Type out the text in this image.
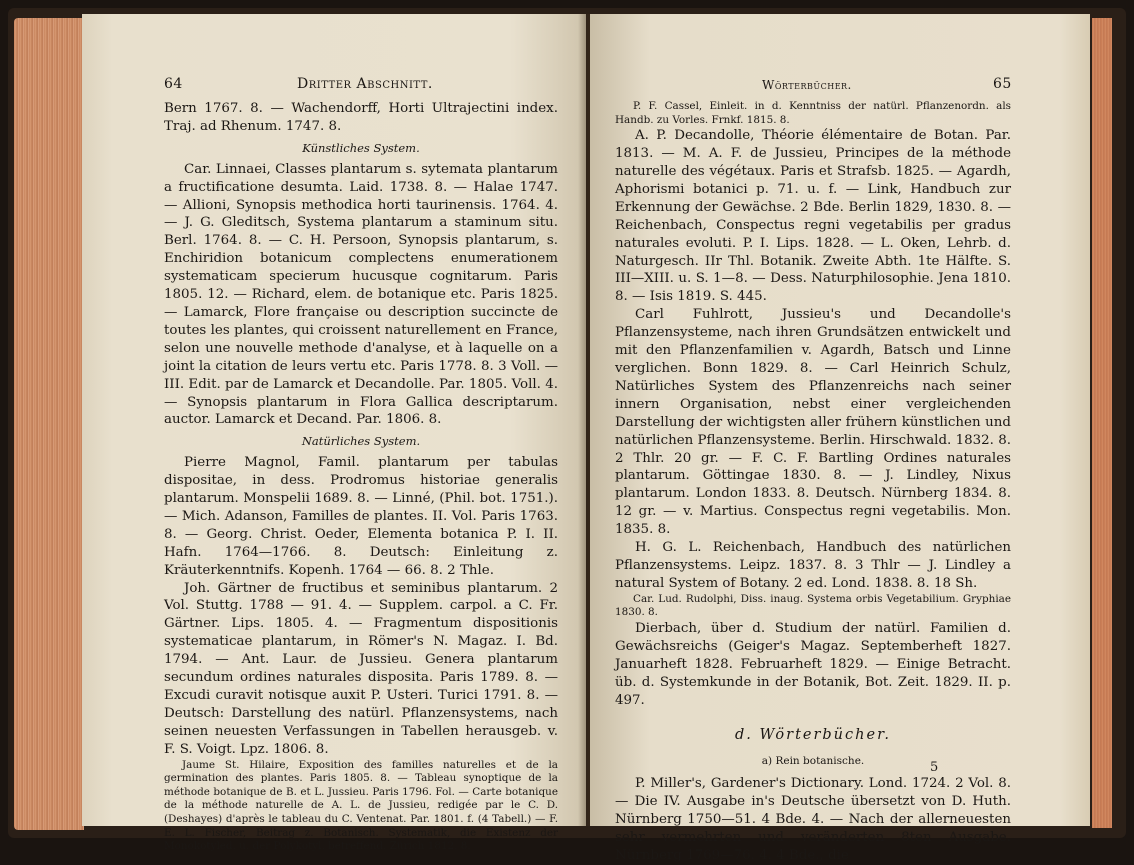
64	Dritter Abschnitt.

Bern 1767. 8. — Wachendorff, Horti Ultrajectini index. Traj. ad Rhenum. 1747. 8.

Künstliches System.

Car. Linnaei, Classes plantarum s. sytemata plantarum a fructificatione desumta. Laid. 1738. 8. — Halae 1747. — Allioni, Synopsis methodica horti taurinensis. 1764. 4. — J. G. Gleditsch, Systema plantarum a staminum situ. Berl. 1764. 8. — C. H. Persoon, Synopsis plantarum, s. Enchiridion botanicum complectens enumerationem systematicam specierum hucusque cognitarum. Paris 1805. 12. — Richard, elem. de botanique etc. Paris 1825. — Lamarck, Flore française ou description succincte de toutes les plantes, qui croissent naturellement en France, selon une nouvelle methode d'analyse, et à laquelle on a joint la citation de leurs vertu etc. Paris 1778. 8. 3 Voll. — III. Edit. par de Lamarck et Decandolle. Par. 1805. Voll. 4. — Synopsis plantarum in Flora Gallica descriptarum. auctor. Lamarck et Decand. Par. 1806. 8.

Natürliches System.

Pierre Magnol, Famil. plantarum per tabulas dispositae, in dess. Prodromus historiae generalis plantarum. Monspelii 1689. 8. — Linné, (Phil. bot. 1751.). — Mich. Adanson, Familles de plantes. II. Vol. Paris 1763. 8. — Georg. Christ. Oeder, Elementa botanica P. I. II. Hafn. 1764—1766. 8. Deutsch: Einleitung z. Kräuterkenntnifs. Kopenh. 1764 — 66. 8. 2 Thle.

Joh. Gärtner de fructibus et seminibus plantarum. 2 Vol. Stuttg. 1788 — 91. 4. — Supplem. carpol. a C. Fr. Gärtner. Lips. 1805. 4. — Fragmentum dispositionis systematicae plantarum, in Römer's N. Magaz. I. Bd. 1794. — Ant. Laur. de Jussieu. Genera plantarum secundum ordines naturales disposita. Paris 1789. 8. — Excudi curavit notisque auxit P. Usteri. Turici 1791. 8. — Deutsch: Darstellung des natürl. Pflanzensystems, nach seinen neuesten Verfassungen in Tabellen herausgeb. v. F. S. Voigt. Lpz. 1806. 8.

Jaume St. Hilaire, Exposition des familles naturelles et de la germination des plantes. Paris 1805. 8. — Tableau synoptique de la méthode botanique de B. et L. Jussieu. Paris 1796. Fol. — Carte botanique de la méthode naturelle de A. L. de Jussieu, redigée par le C. D. (Deshayes) d'après le tableau du C. Ventenat. Par. 1801. f. (4 Tabell.) — F. E. L. Fischer, Beitrag z. Botanisch. Systematik, die Existenz der Monokotyled. u. der Polykotyl. betreffend. Zürich 1812. 8.

Wörterbücher.	65

P. F. Cassel, Einleit. in d. Kenntniss der natürl. Pflanzenordn. als Handb. zu Vorles. Frnkf. 1815. 8.

A. P. Decandolle, Théorie élémentaire de Botan. Par. 1813. — M. A. F. de Jussieu, Principes de la méthode naturelle des végétaux. Paris et Strafsb. 1825. — Agardh, Aphorismi botanici p. 71. u. f. — Link, Handbuch zur Erkennung der Gewächse. 2 Bde. Berlin 1829, 1830. 8. — Reichenbach, Conspectus regni vegetabilis per gradus naturales evoluti. P. I. Lips. 1828. — L. Oken, Lehrb. d. Naturgesch. IIr Thl. Botanik. Zweite Abth. 1te Hälfte. S. III—XIII. u. S. 1—8. — Dess. Naturphilosophie. Jena 1810. 8. — Isis 1819. S. 445.

Carl Fuhlrott, Jussieu's und Decandolle's Pflanzensysteme, nach ihren Grundsätzen entwickelt und mit den Pflanzenfamilien v. Agardh, Batsch und Linne verglichen. Bonn 1829. 8. — Carl Heinrich Schulz, Natürliches System des Pflanzenreichs nach seiner innern Organisation, nebst einer vergleichenden Darstellung der wichtigsten aller frühern künstlichen und natürlichen Pflanzensysteme. Berlin. Hirschwald. 1832. 8. 2 Thlr. 20 gr. — F. C. F. Bartling Ordines naturales plantarum. Göttingae 1830. 8. — J. Lindley, Nixus plantarum. London 1833. 8. Deutsch. Nürnberg 1834. 8. 12 gr. — v. Martius. Conspectus regni vegetabilis. Mon. 1835. 8.

H. G. L. Reichenbach, Handbuch des natürlichen Pflanzensystems. Leipz. 1837. 8. 3 Thlr — J. Lindley a natural System of Botany. 2 ed. Lond. 1838. 8. 18 Sh.

Car. Lud. Rudolphi, Diss. inaug. Systema orbis Vegetabilium. Gryphiae 1830. 8.

Dierbach, über d. Studium der natürl. Familien d. Gewächsreichs (Geiger's Magaz. Septemberheft 1827. Januarheft 1828. Februarheft 1829. — Einige Betracht. üb. d. Systemkunde in der Botanik, Bot. Zeit. 1829. II. p. 497.

d. Wörterbücher.

a) Rein botanische.

P. Miller's, Gardener's Dictionary. Lond. 1724. 2 Vol. 8. — Die IV. Ausgabe in's Deutsche übersetzt von D. Huth. Nürnberg 1750—51. 4 Bde. 4. — Nach der allerneuesten sehr vermehrten und veränderten 8ten Ausgabe. Nürnberg 1769—76. 4. 4 Bde., die

5
